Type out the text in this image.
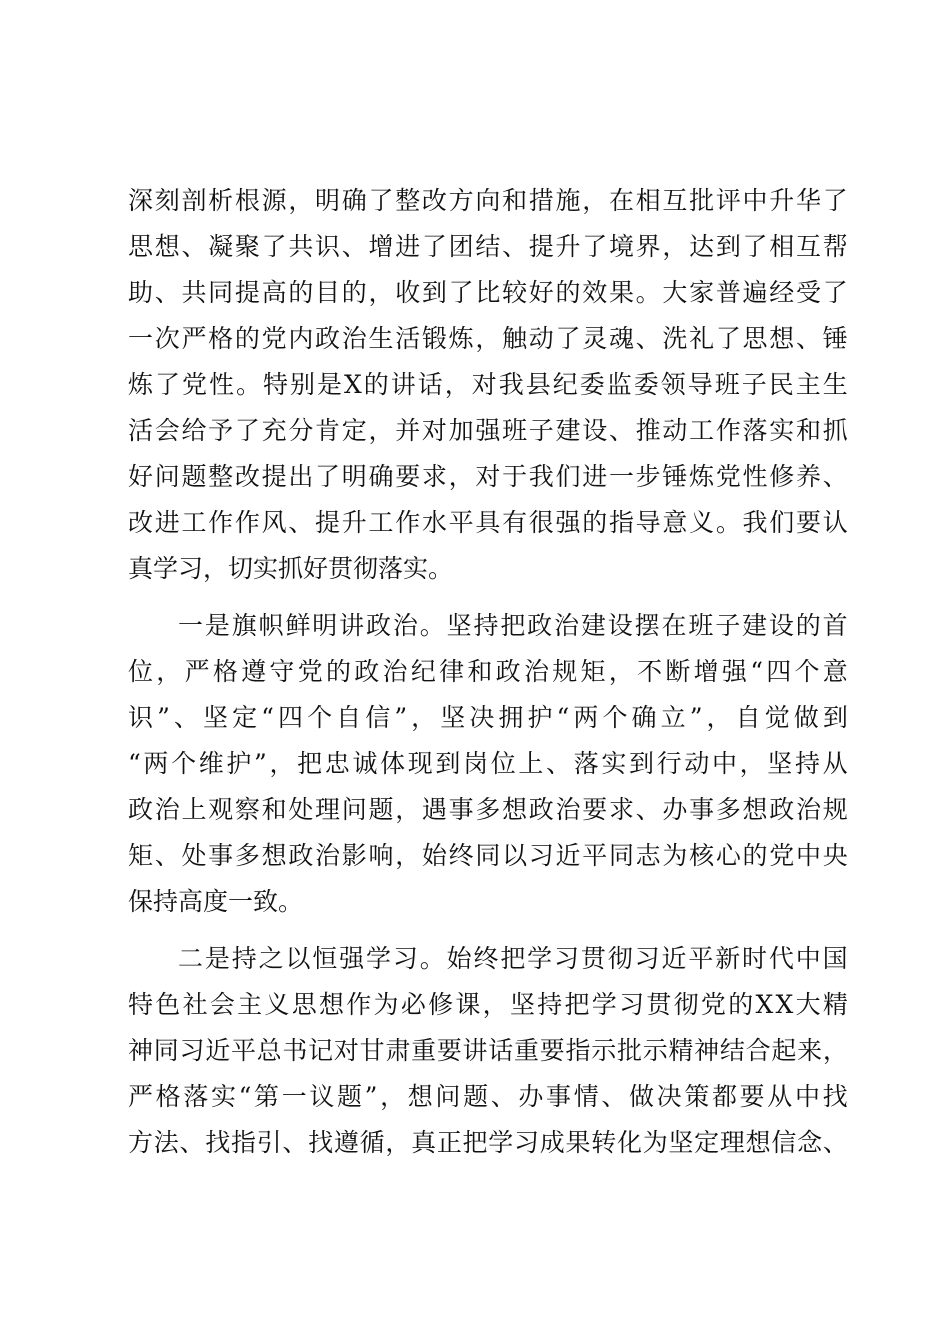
深 刻 剖 析 根 源 ， 明 确 了 整 改 方 向 和 措 施 ， 在 相 互 批 评 中 升 华 了
思 想 、 凝 聚 了 共 识 、 增 进 了 团 结 、 提 升 了 境 界 ， 达 到 了 相 互 帮
助 、 共 同 提 高 的 目 的 ， 收 到 了 比 较 好 的 效 果 。 大 家 普 遍 经 受 了
一 次 严 格 的 党 内 政 治 生 活 锻 炼 ， 触 动 了 灵 魂 、 洗 礼 了 思 想 、 锤
炼 了 党 性 。 特 别 是 X 的 讲 话 ， 对 我 县 纪 委 监 委 领 导 班 子 民 主 生
活 会 给 予 了 充 分 肯 定 ， 并 对 加 强 班 子 建 设 、 推 动 工 作 落 实 和 抓
好 问 题 整 改 提 出 了 明 确 要 求 ， 对 于 我 们 进 一 步 锤 炼 党 性 修 养 、
改 进 工 作 作 风 、 提 升 工 作 水 平 具 有 很 强 的 指 导 意 义 。 我 们 要 认
真学习，切实抓好贯彻落实。
一 是 旗 帜 鲜 明 讲 政 治 。 坚 持 把 政 治 建 设 摆 在 班 子 建 设 的 首
位 ， 严 格 遵 守 党 的 政 治 纪 律 和 政 治 规 矩 ， 不 断 增 强 “ 四 个 意
识 ” 、 坚 定 “ 四 个 自 信 ” ， 坚 决 拥 护 “ 两 个 确 立 ” ， 自 觉 做 到
“ 两 个 维 护 ” ， 把 忠 诚 体 现 到 岗 位 上 、 落 实 到 行 动 中 ， 坚 持 从
政 治 上 观 察 和 处 理 问 题 ， 遇 事 多 想 政 治 要 求 、 办 事 多 想 政 治 规
矩 、 处 事 多 想 政 治 影 响 ， 始 终 同 以 习 近 平 同 志 为 核 心 的 党 中 央
保持高度一致。
二 是 持 之 以 恒 强 学 习 。 始 终 把 学 习 贯 彻 习 近 平 新 时 代 中 国
特 色 社 会 主 义 思 想 作 为 必 修 课 ， 坚 持 把 学 习 贯 彻 党 的 X X 大 精
神 同 习 近 平 总 书 记 对 甘 肃 重 要 讲 话 重 要 指 示 批 示 精 神 结 合 起 来 ，
严 格 落 实 “ 第 一 议 题 ” ， 想 问 题 、 办 事 情 、 做 决 策 都 要 从 中 找
方 法 、 找 指 引 、 找 遵 循 ， 真 正 把 学 习 成 果 转 化 为 坚 定 理 想 信 念 、
